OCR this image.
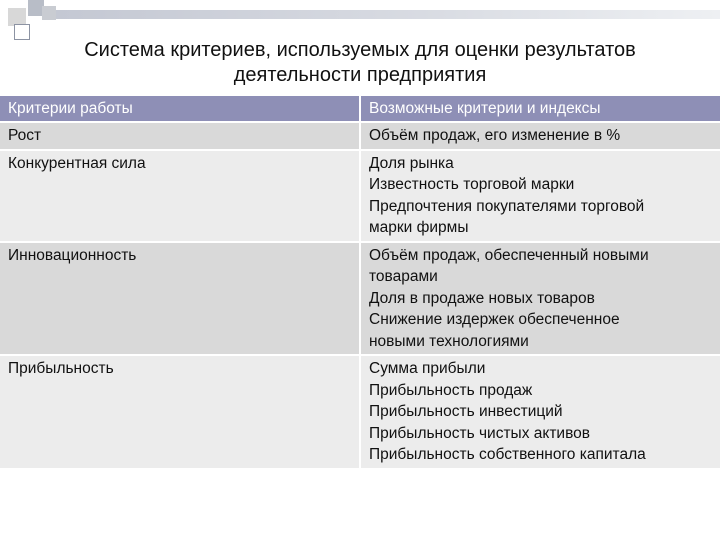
Система критериев, используемых для оценки результатов
деятельности предприятия
Критерии работы	Возможные критерии и индексы
Рост	Объём продаж, его изменение в %

Конкурентная сила	Доля рынка
Известность торговой марки
Предпочтения покупателями торговой
марки фирмы

Инновационность	Объём продаж, обеспеченный новыми
товарами
Доля в продаже новых товаров
Снижение издержек обеспеченное
новыми технологиями

Прибыльность	Сумма прибыли
Прибыльность продаж
Прибыльность инвестиций
Прибыльность чистых активов
Прибыльность собственного капитала
